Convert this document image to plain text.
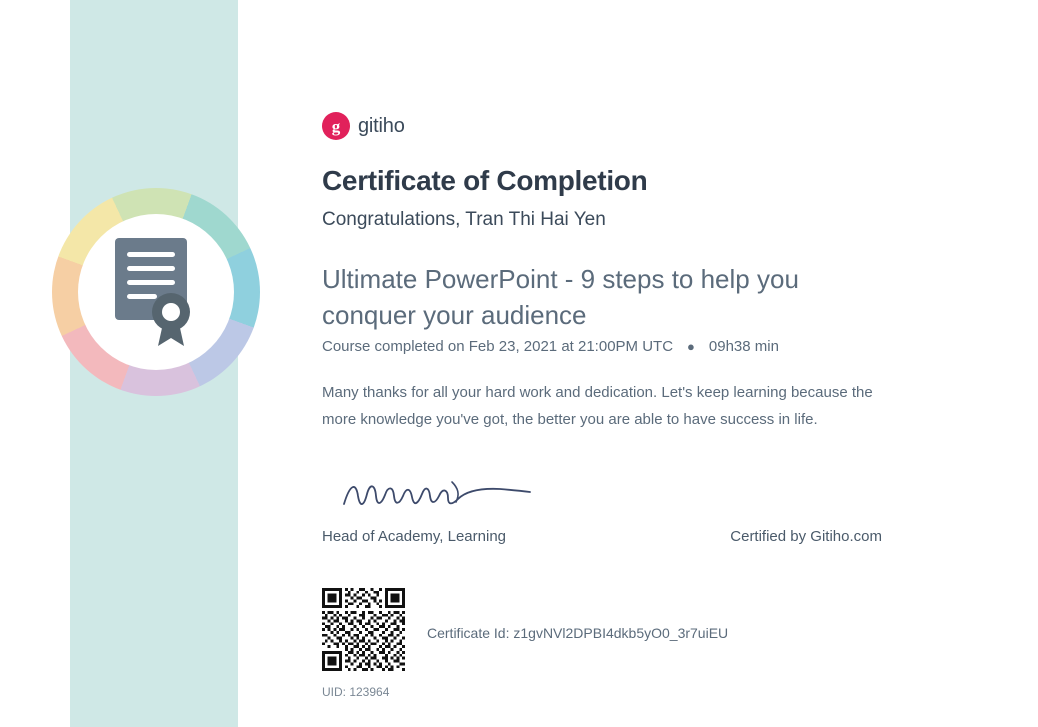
g gitiho
Certificate of Completion
Congratulations, Tran Thi Hai Yen
Ultimate PowerPoint - 9 steps to help you conquer your audience
Course completed on Feb 23, 2021 at 21:00PM UTC ● 09h38 min
Many thanks for all your hard work and dedication. Let's keep learning because the more knowledge you've got, the better you are able to have success in life.
Head of Academy, Learning	Certified by Gitiho.com
Certificate Id: z1gvNVl2DPBI4dkb5yO0_3r7uiEU
UID: 123964
